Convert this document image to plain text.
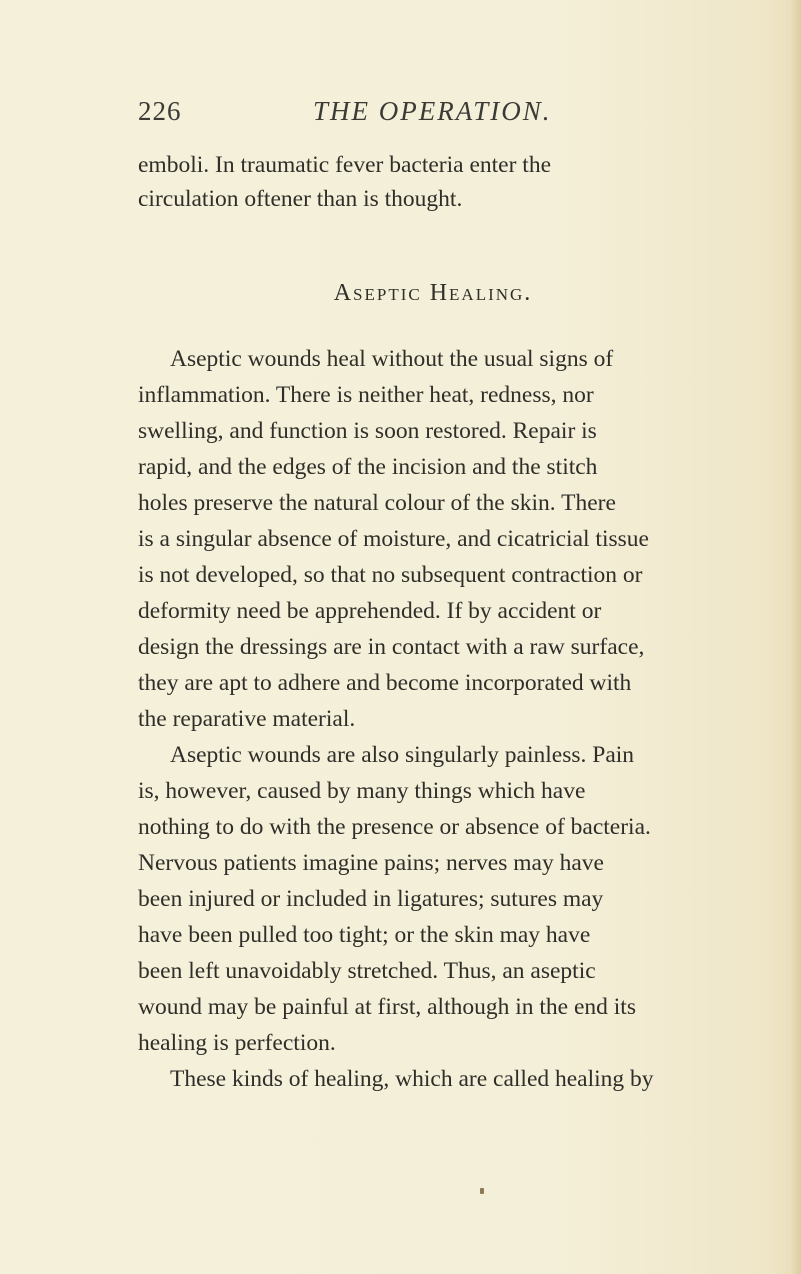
226	THE OPERATION.
emboli. In traumatic fever bacteria enter the
circulation oftener than is thought.
Aseptic Healing.
Aseptic wounds heal without the usual signs of
inflammation. There is neither heat, redness, nor
swelling, and function is soon restored. Repair is
rapid, and the edges of the incision and the stitch
holes preserve the natural colour of the skin. There
is a singular absence of moisture, and cicatricial tissue
is not developed, so that no subsequent contraction or
deformity need be apprehended. If by accident or
design the dressings are in contact with a raw surface,
they are apt to adhere and become incorporated with
the reparative material.
Aseptic wounds are also singularly painless. Pain
is, however, caused by many things which have
nothing to do with the presence or absence of bacteria.
Nervous patients imagine pains; nerves may have
been injured or included in ligatures; sutures may
have been pulled too tight; or the skin may have
been left unavoidably stretched. Thus, an aseptic
wound may be painful at first, although in the end its
healing is perfection.
These kinds of healing, which are called healing by
